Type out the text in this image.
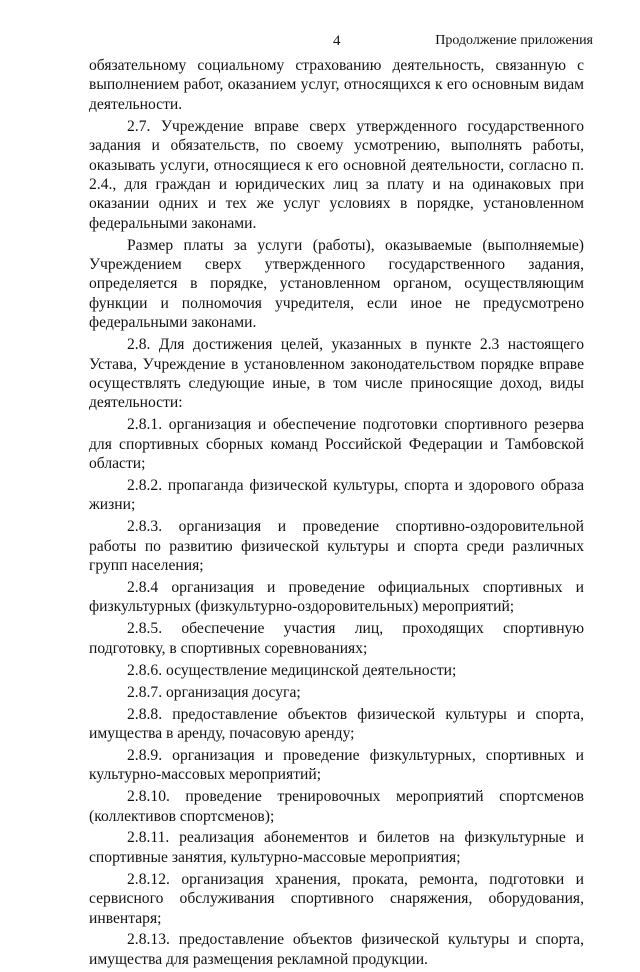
4	Продолжение приложения

обязательному социальному страхованию деятельность, связанную с выполнением работ, оказанием услуг, относящихся к его основным видам деятельности.

2.7. Учреждение вправе сверх утвержденного государственного задания и обязательств, по своему усмотрению, выполнять работы, оказывать услуги, относящиеся к его основной деятельности, согласно п. 2.4., для граждан и юридических лиц за плату и на одинаковых при оказании одних и тех же услуг условиях в порядке, установленном федеральными законами.

Размер платы за услуги (работы), оказываемые (выполняемые) Учреждением сверх утвержденного государственного задания, определяется в порядке, установленном органом, осуществляющим функции и полномочия учредителя, если иное не предусмотрено федеральными законами.

2.8. Для достижения целей, указанных в пункте 2.3 настоящего Устава, Учреждение в установленном законодательством порядке вправе осуществлять следующие иные, в том числе приносящие доход, виды деятельности:

2.8.1. организация и обеспечение подготовки спортивного резерва для спортивных сборных команд Российской Федерации и Тамбовской области;

2.8.2. пропаганда физической культуры, спорта и здорового образа жизни;

2.8.3. организация и проведение спортивно-оздоровительной работы по развитию физической культуры и спорта среди различных групп населения;

2.8.4 организация и проведение официальных спортивных и физкультурных (физкультурно-оздоровительных) мероприятий;

2.8.5. обеспечение участия лиц, проходящих спортивную подготовку, в спортивных соревнованиях;

2.8.6. осуществление медицинской деятельности;

2.8.7. организация досуга;

2.8.8. предоставление объектов физической культуры и спорта, имущества в аренду, почасовую аренду;

2.8.9. организация и проведение физкультурных, спортивных и культурно-массовых мероприятий;

2.8.10. проведение тренировочных мероприятий спортсменов (коллективов спортсменов);

2.8.11. реализация абонементов и билетов на физкультурные и спортивные занятия, культурно-массовые мероприятия;

2.8.12. организация хранения, проката, ремонта, подготовки и сервисного обслуживания спортивного снаряжения, оборудования, инвентаря;

2.8.13. предоставление объектов физической культуры и спорта, имущества для размещения рекламной продукции.
